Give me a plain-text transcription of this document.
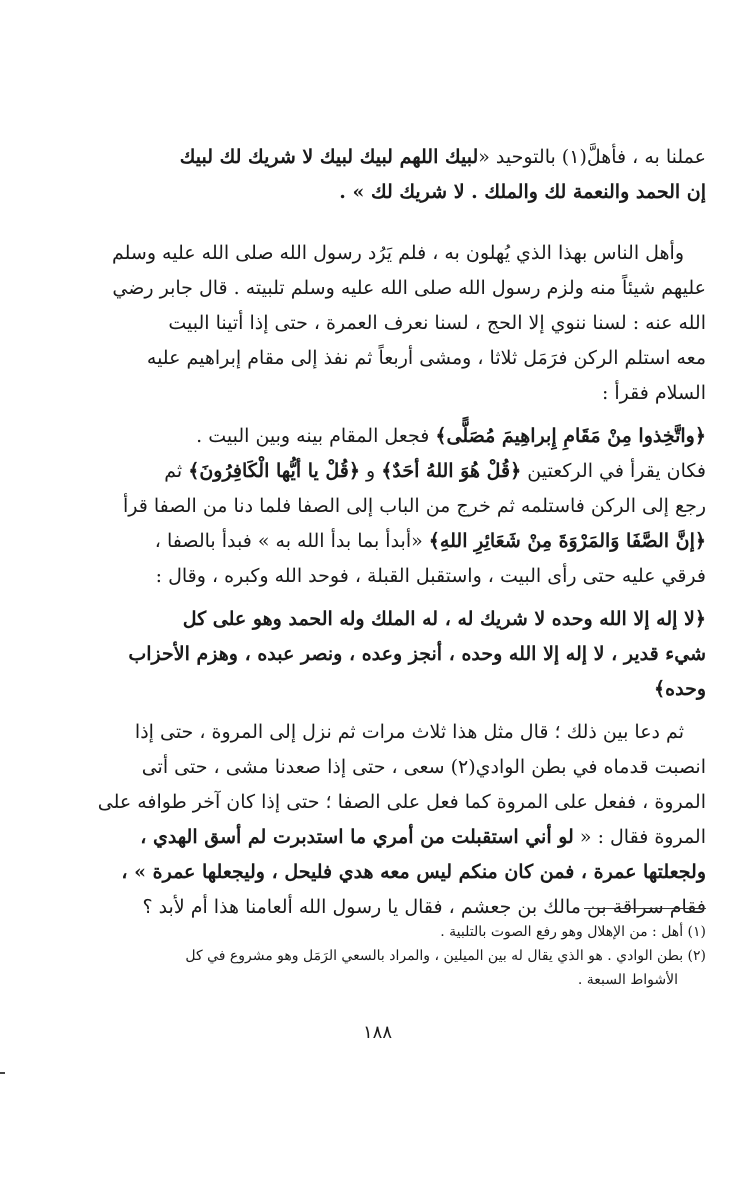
عملنا به ، فأهلَّ(١) بالتوحيد «لبيك اللهم لبيك لبيك لا شريك لك لبيك

إن الحمد والنعمة لك والملك . لا شريك لك » .

وأهل الناس بهذا الذي يُهلون به ، فلم يَرُد رسول الله صلى الله عليه وسلم

عليهم شيئاً منه ولزم رسول الله صلى الله عليه وسلم تلبيته . قال جابر رضي

الله عنه : لسنا ننوي إلا الحج ، لسنا نعرف العمرة ، حتى إذا أتينا البيت

معه استلم الركن فرَمَل ثلاثا ، ومشى أربعاً ثم نفذ إلى مقام إبراهيم عليه

السلام فقرأ :

﴿واتَّخِذوا مِنْ مَقَامِ إِبراهِيمَ مُصَلًّى﴾ فجعل المقام بينه وبين البيت .

فكان يقرأ في الركعتين ﴿قُلْ هُوَ اللهُ أحَدٌ﴾ و ﴿قُلْ يا أيُّها الْكَافِرُونَ﴾ ثم

رجع إلى الركن فاستلمه ثم خرج من الباب إلى الصفا فلما دنا من الصفا قرأ

﴿إنَّ الصَّفَا وَالمَرْوَةَ مِنْ شَعَائِرِ اللهِ﴾ «أبدأ بما بدأ الله به » فبدأ بالصفا ،

فرقي عليه حتى رأى البيت ، واستقبل القبلة ، فوحد الله وكبره ، وقال :

﴿لا إله إلا الله وحده لا شريك له ، له الملك وله الحمد وهو على كل

شيء قدير ، لا إله إلا الله وحده ، أنجز وعده ، ونصر عبده ، وهزم الأحزاب

وحده﴾

ثم دعا بين ذلك ؛ قال مثل هذا ثلاث مرات ثم نزل إلى المروة ، حتى إذا

انصبت قدماه في بطن الوادي(٢) سعى ، حتى إذا صعدنا مشى ، حتى أتى

المروة ، ففعل على المروة كما فعل على الصفا ؛ حتى إذا كان آخر طوافه على

المروة فقال : « لو أني استقبلت من أمري ما استدبرت لم أسق الهدي ،

ولجعلتها عمرة ، فمن كان منكم ليس معه هدي فليحل ، وليجعلها عمرة » ،

فقام سراقة بن مالك بن جعشم ، فقال يا رسول الله ألعامنا هذا أم لأبد ؟

(١) أهل : من الإهلال وهو رفع الصوت بالتلبية .
(٢) بطن الوادي . هو الذي يقال له بين الميلين ، والمراد بالسعي الرَمَل وهو مشروع في كل
الأشواط السبعة .
١٨٨
